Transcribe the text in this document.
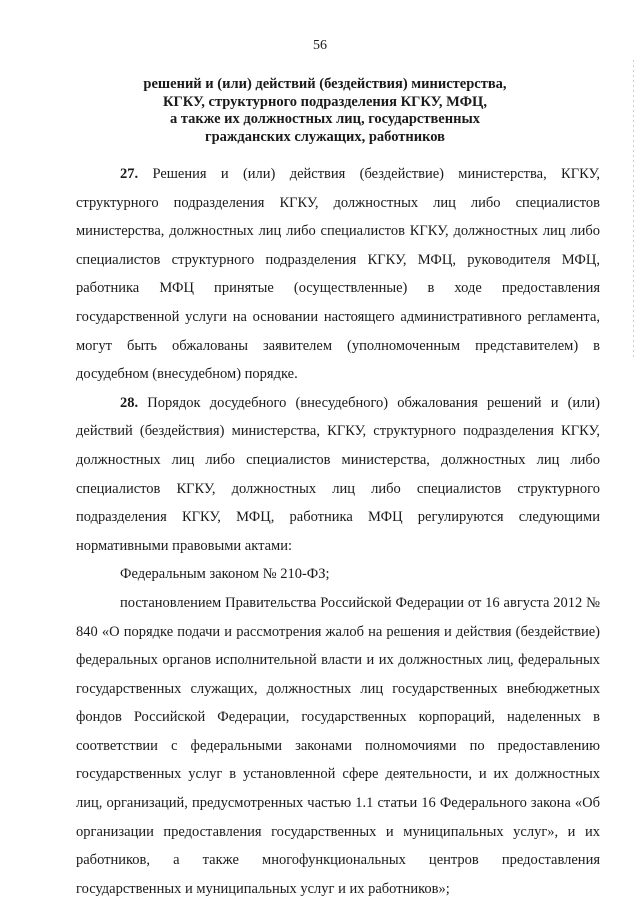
56
решений и (или) действий (бездействия) министерства,
КГКУ, структурного подразделения КГКУ, МФЦ,
а также их должностных лиц, государственных
гражданских служащих, работников

27. Решения и (или) действия (бездействие) министерства, КГКУ, структурного подразделения КГКУ, должностных лиц либо специалистов министерства, должностных лиц либо специалистов КГКУ, должностных лиц либо специалистов структурного подразделения КГКУ, МФЦ, руководителя МФЦ, работника МФЦ принятые (осуществленные) в ходе предоставления государственной услуги на основании настоящего административного регламента, могут быть обжалованы заявителем (уполномоченным представителем) в досудебном (внесудебном) порядке.

28. Порядок досудебного (внесудебного) обжалования решений и (или) действий (бездействия) министерства, КГКУ, структурного подразделения КГКУ, должностных лиц либо специалистов министерства, должностных лиц либо специалистов КГКУ, должностных лиц либо специалистов структурного подразделения КГКУ, МФЦ, работника МФЦ регулируются следующими нормативными правовыми актами:

Федеральным законом № 210-ФЗ;

постановлением Правительства Российской Федерации от 16 августа 2012 № 840 «О порядке подачи и рассмотрения жалоб на решения и действия (бездействие) федеральных органов исполнительной власти и их должностных лиц, федеральных государственных служащих, должностных лиц государственных внебюджетных фондов Российской Федерации, государственных корпораций, наделенных в соответствии с федеральными законами полномочиями по предоставлению государственных услуг в установленной сфере деятельности, и их должностных лиц, организаций, предусмотренных частью 1.1 статьи 16 Федерального закона «Об организации предоставления государственных и муниципальных услуг», и их работников, а также многофункциональных центров предоставления государственных и муниципальных услуг и их работников»;
